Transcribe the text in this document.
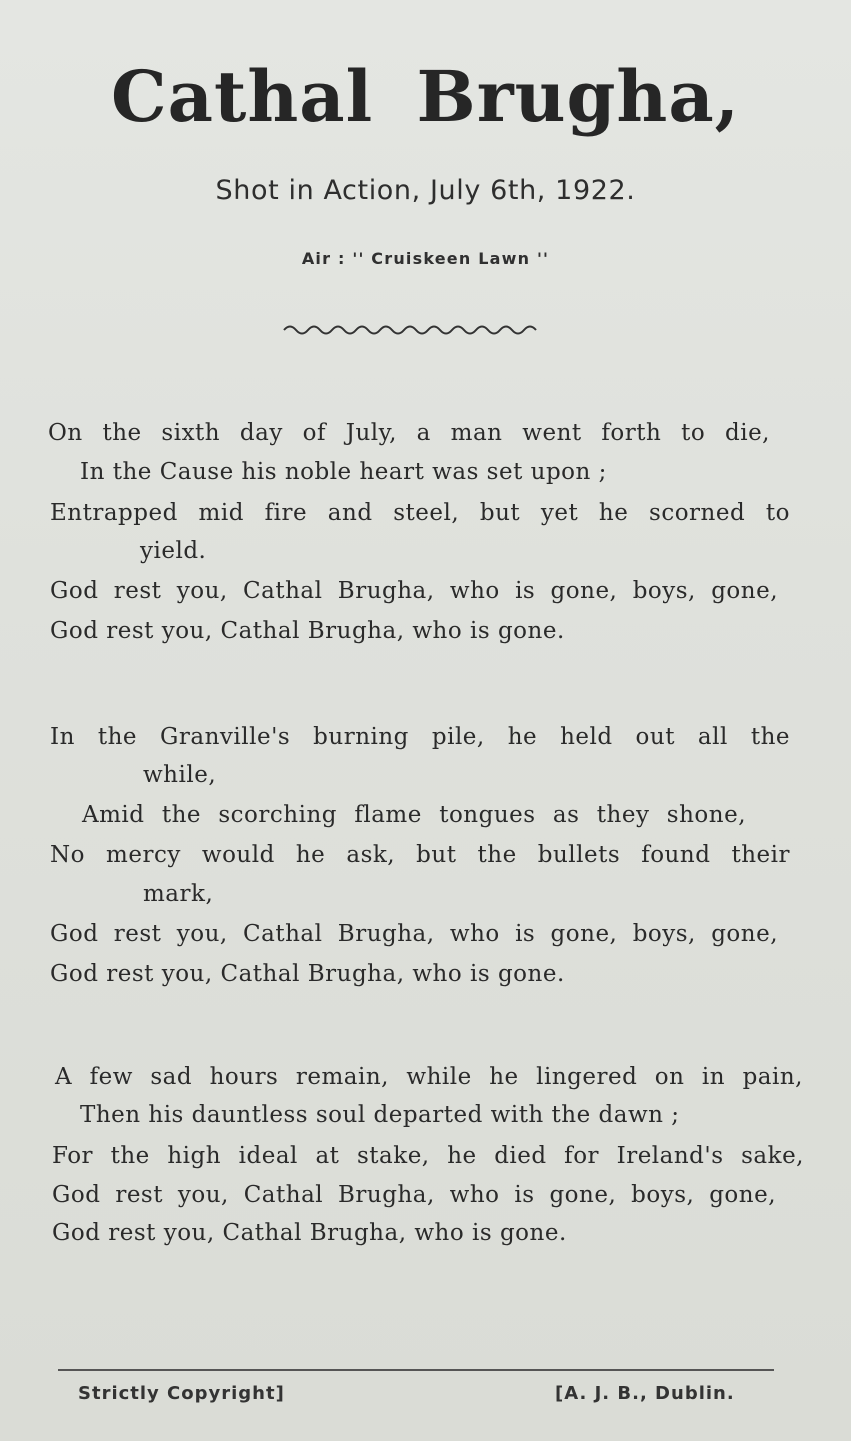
Cathal Brugha,
Shot in Action, July 6th, 1922.
Air : '' Cruiskeen Lawn ''
On the sixth day of July, a man went forth to die,
In the Cause his noble heart was set upon ;
Entrapped mid fire and steel, but yet he scorned to
yield.
God rest you, Cathal Brugha, who is gone, boys, gone,
God rest you, Cathal Brugha, who is gone.
In the Granville's burning pile, he held out all the
while,
Amid the scorching flame tongues as they shone,
No mercy would he ask, but the bullets found their
mark,
God rest you, Cathal Brugha, who is gone, boys, gone,
God rest you, Cathal Brugha, who is gone.
A few sad hours remain, while he lingered on in pain,
Then his dauntless soul departed with the dawn ;
For the high ideal at stake, he died for Ireland's sake,
God rest you, Cathal Brugha, who is gone, boys, gone,
God rest you, Cathal Brugha, who is gone.
Strictly Copyright]	[A. J. B., Dublin.
